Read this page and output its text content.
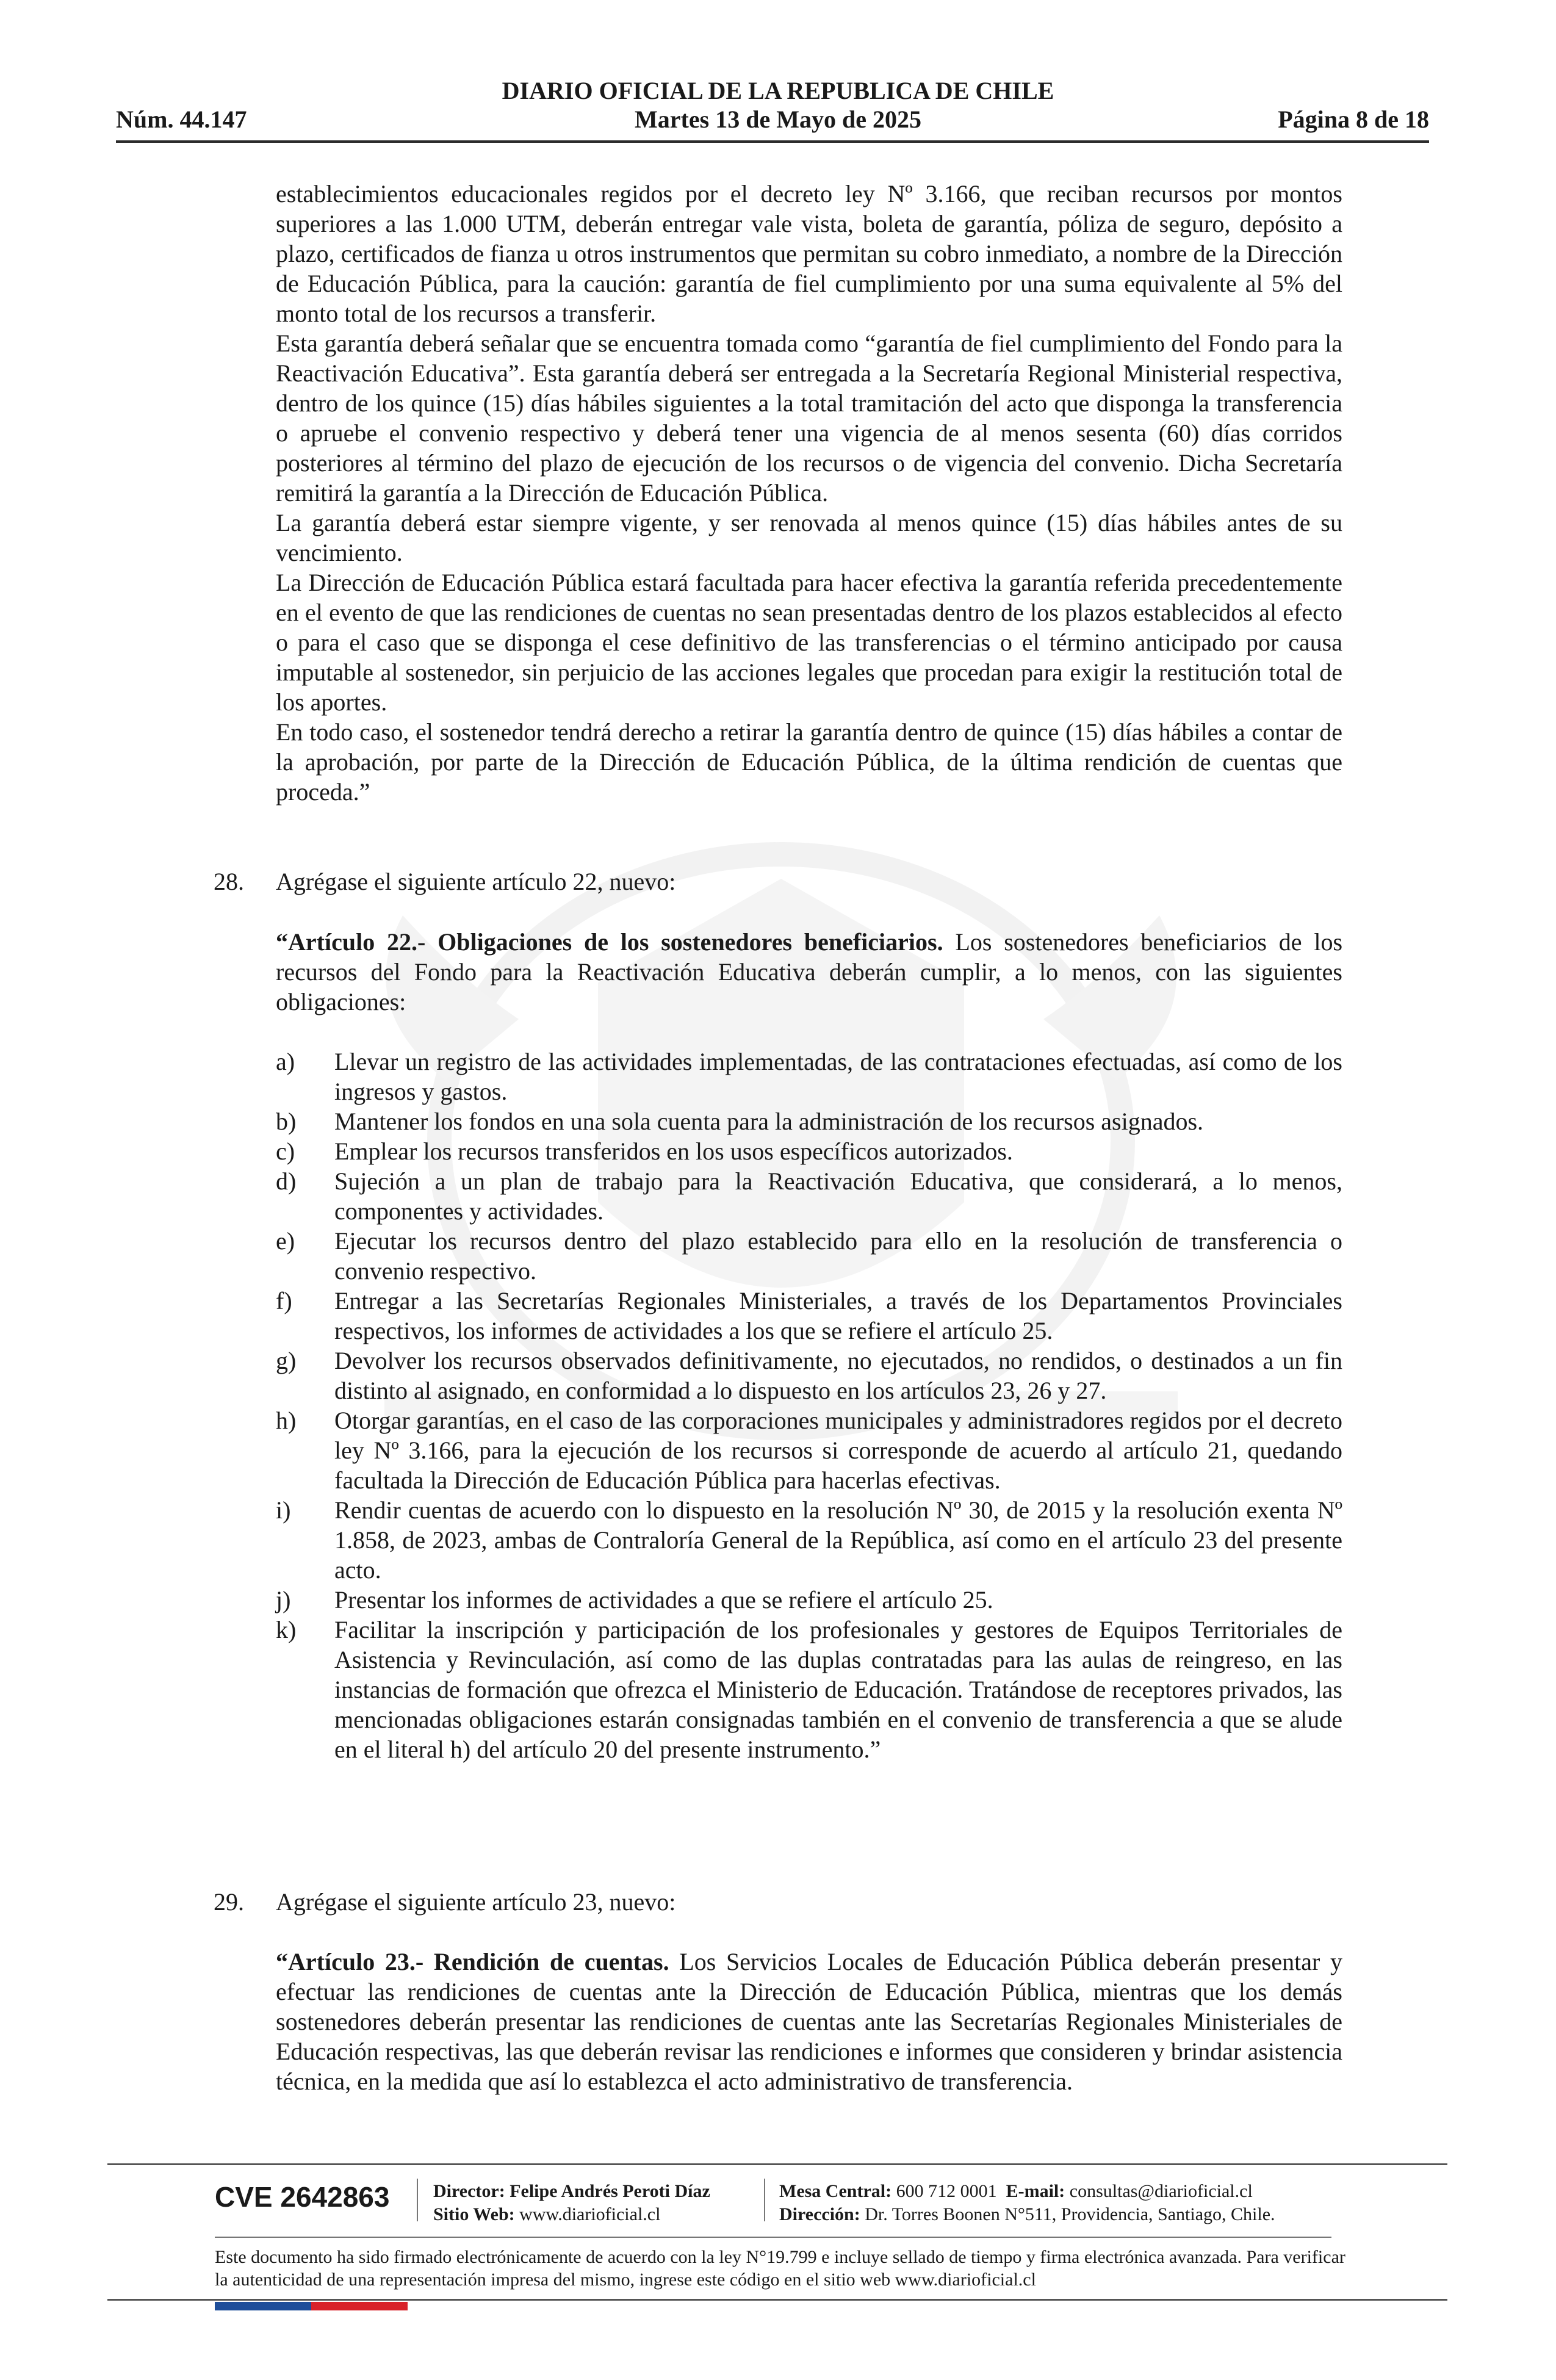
DIARIO OFICIAL DE LA REPUBLICA DE CHILE
Núm. 44.147	Martes 13 de Mayo de 2025	Página 8 de 18

establecimientos educacionales regidos por el decreto ley Nº 3.166, que reciban recursos por montos superiores a las 1.000 UTM, deberán entregar vale vista, boleta de garantía, póliza de seguro, depósito a plazo, certificados de fianza u otros instrumentos que permitan su cobro inmediato, a nombre de la Dirección de Educación Pública, para la caución: garantía de fiel cumplimiento por una suma equivalente al 5% del monto total de los recursos a transferir.

Esta garantía deberá señalar que se encuentra tomada como “garantía de fiel cumplimiento del Fondo para la Reactivación Educativa”. Esta garantía deberá ser entregada a la Secretaría Regional Ministerial respectiva, dentro de los quince (15) días hábiles siguientes a la total tramitación del acto que disponga la transferencia o apruebe el convenio respectivo y deberá tener una vigencia de al menos sesenta (60) días corridos posteriores al término del plazo de ejecución de los recursos o de vigencia del convenio. Dicha Secretaría remitirá la garantía a la Dirección de Educación Pública.

La garantía deberá estar siempre vigente, y ser renovada al menos quince (15) días hábiles antes de su vencimiento.

La Dirección de Educación Pública estará facultada para hacer efectiva la garantía referida precedentemente en el evento de que las rendiciones de cuentas no sean presentadas dentro de los plazos establecidos al efecto o para el caso que se disponga el cese definitivo de las transferencias o el término anticipado por causa imputable al sostenedor, sin perjuicio de las acciones legales que procedan para exigir la restitución total de los aportes.

En todo caso, el sostenedor tendrá derecho a retirar la garantía dentro de quince (15) días hábiles a contar de la aprobación, por parte de la Dirección de Educación Pública, de la última rendición de cuentas que proceda.”

28. Agrégase el siguiente artículo 22, nuevo:
“Artículo 22.- Obligaciones de los sostenedores beneficiarios. Los sostenedores beneficiarios de los recursos del Fondo para la Reactivación Educativa deberán cumplir, a lo menos, con las siguientes obligaciones:
a)	Llevar un registro de las actividades implementadas, de las contrataciones efectuadas, así como de los ingresos y gastos.
b)	Mantener los fondos en una sola cuenta para la administración de los recursos asignados.
c)	Emplear los recursos transferidos en los usos específicos autorizados.
d)	Sujeción a un plan de trabajo para la Reactivación Educativa, que considerará, a lo menos, componentes y actividades.
e)	Ejecutar los recursos dentro del plazo establecido para ello en la resolución de transferencia o convenio respectivo.
f)	Entregar a las Secretarías Regionales Ministeriales, a través de los Departamentos Provinciales respectivos, los informes de actividades a los que se refiere el artículo 25.
g)	Devolver los recursos observados definitivamente, no ejecutados, no rendidos, o destinados a un fin distinto al asignado, en conformidad a lo dispuesto en los artículos 23, 26 y 27.
h)	Otorgar garantías, en el caso de las corporaciones municipales y administradores regidos por el decreto ley Nº 3.166, para la ejecución de los recursos si corresponde de acuerdo al artículo 21, quedando facultada la Dirección de Educación Pública para hacerlas efectivas.
i)	Rendir cuentas de acuerdo con lo dispuesto en la resolución Nº 30, de 2015 y la resolución exenta Nº 1.858, de 2023, ambas de Contraloría General de la República, así como en el artículo 23 del presente acto.
j)	Presentar los informes de actividades a que se refiere el artículo 25.
k)	Facilitar la inscripción y participación de los profesionales y gestores de Equipos Territoriales de Asistencia y Revinculación, así como de las duplas contratadas para las aulas de reingreso, en las instancias de formación que ofrezca el Ministerio de Educación. Tratándose de receptores privados, las mencionadas obligaciones estarán consignadas también en el convenio de transferencia a que se alude en el literal h) del artículo 20 del presente instrumento.”
29. Agrégase el siguiente artículo 23, nuevo:
“Artículo 23.- Rendición de cuentas. Los Servicios Locales de Educación Pública deberán presentar y efectuar las rendiciones de cuentas ante la Dirección de Educación Pública, mientras que los demás sostenedores deberán presentar las rendiciones de cuentas ante las Secretarías Regionales Ministeriales de Educación respectivas, las que deberán revisar las rendiciones e informes que consideren y brindar asistencia técnica, en la medida que así lo establezca el acto administrativo de transferencia.
CVE 2642863 Director: Felipe Andrés Peroti Díaz
Sitio Web: www.diarioficial.cl
Mesa Central: 600 712 0001 E-mail: consultas@diarioficial.cl
Dirección: Dr. Torres Boonen N°511, Providencia, Santiago, Chile.
Este documento ha sido firmado electrónicamente de acuerdo con la ley N°19.799 e incluye sellado de tiempo y firma electrónica avanzada. Para verificar la autenticidad de una representación impresa del mismo, ingrese este código en el sitio web www.diarioficial.cl
